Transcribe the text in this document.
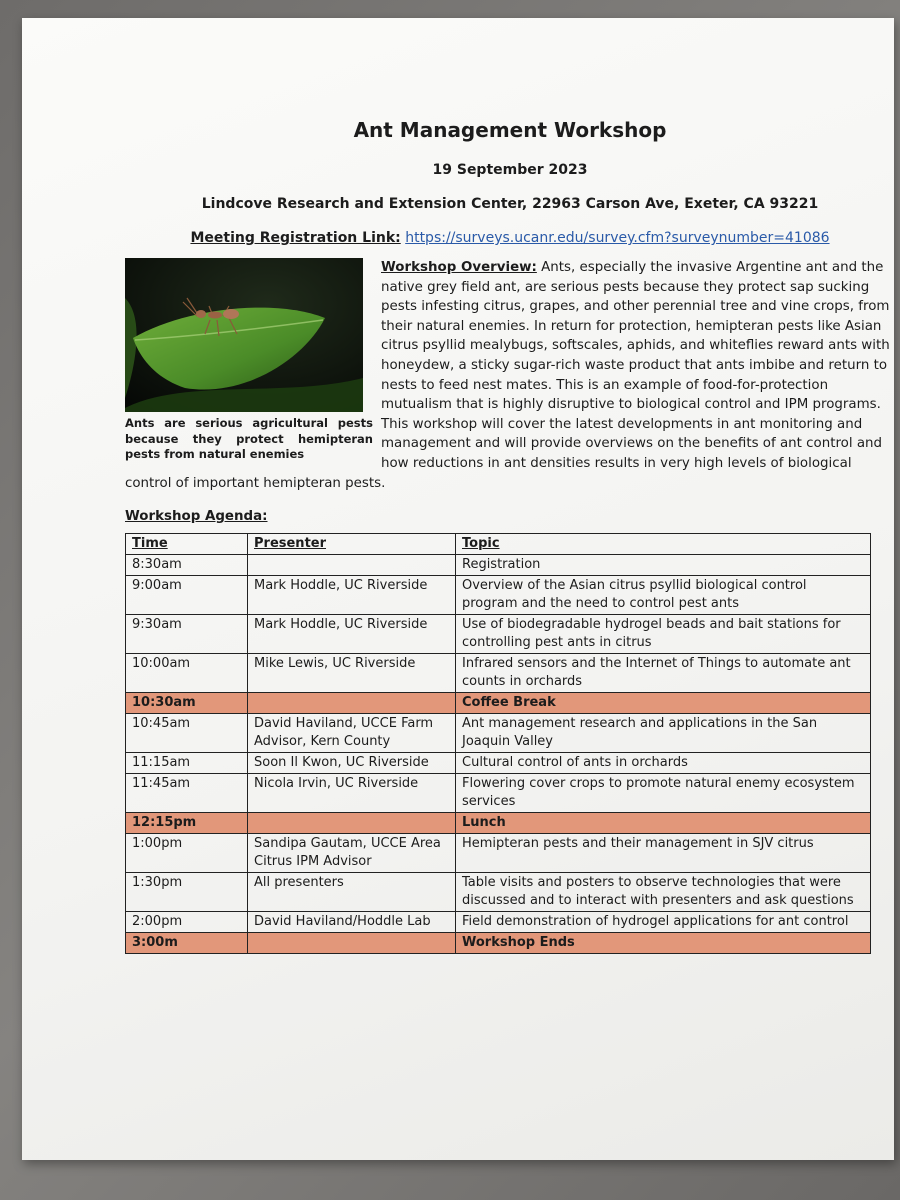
Ant Management Workshop
19 September 2023
Lindcove Research and Extension Center, 22963 Carson Ave, Exeter, CA 93221
Meeting Registration Link: https://surveys.ucanr.edu/survey.cfm?surveynumber=41086
Ants are serious agricultural pests because they protect hemipteran pests from natural enemies

Workshop Overview: Ants, especially the invasive Argentine ant and the native grey field ant, are serious pests because they protect sap sucking pests infesting citrus, grapes, and other perennial tree and vine crops, from their natural enemies. In return for protection, hemipteran pests like Asian citrus psyllid mealybugs, softscales, aphids, and whiteflies reward ants with honeydew, a sticky sugar-rich waste product that ants imbibe and return to nests to feed nest mates. This is an example of food-for-protection mutualism that is highly disruptive to biological control and IPM programs. This workshop will cover the latest developments in ant monitoring and management and will provide overviews on the benefits of ant control and how reductions in ant densities results in very high levels of biological control of important hemipteran pests.

Workshop Agenda:
Time	Presenter	Topic
8:30am		Registration
9:00am	Mark Hoddle, UC Riverside	Overview of the Asian citrus psyllid biological control program and the need to control pest ants
9:30am	Mark Hoddle, UC Riverside	Use of biodegradable hydrogel beads and bait stations for controlling pest ants in citrus
10:00am	Mike Lewis, UC Riverside	Infrared sensors and the Internet of Things to automate ant counts in orchards
10:30am		Coffee Break
10:45am	David Haviland, UCCE Farm Advisor, Kern County	Ant management research and applications in the San Joaquin Valley
11:15am	Soon Il Kwon, UC Riverside	Cultural control of ants in orchards
11:45am	Nicola Irvin, UC Riverside	Flowering cover crops to promote natural enemy ecosystem services
12:15pm		Lunch
1:00pm	Sandipa Gautam, UCCE Area Citrus IPM Advisor	Hemipteran pests and their management in SJV citrus
1:30pm	All presenters	Table visits and posters to observe technologies that were discussed and to interact with presenters and ask questions
2:00pm	David Haviland/Hoddle Lab	Field demonstration of hydrogel applications for ant control
3:00m		Workshop Ends
